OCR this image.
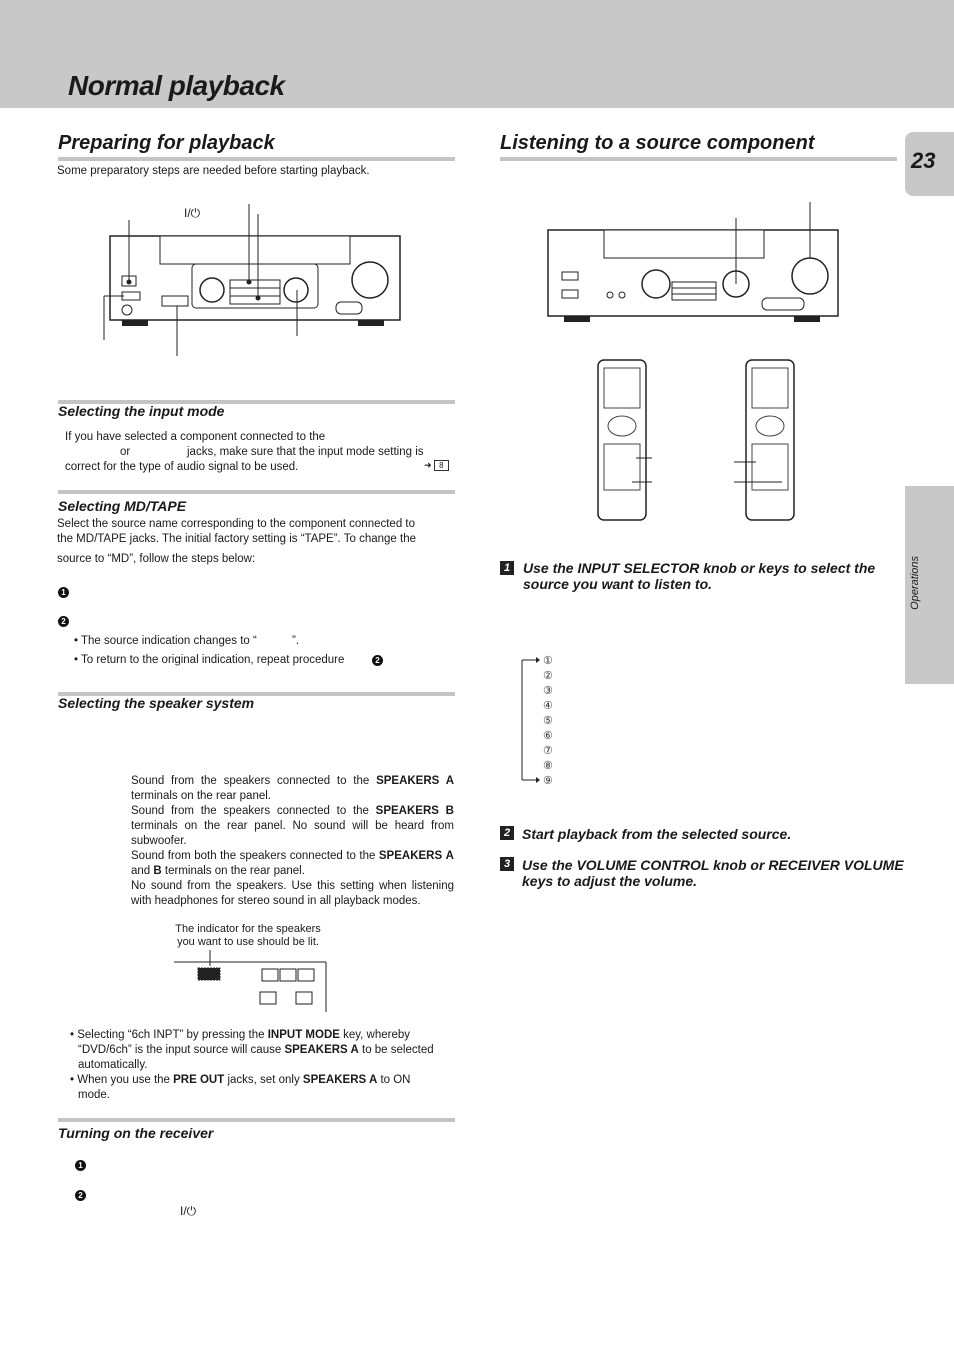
Normal playback
23
Operations
Preparing for playback
Some preparatory steps are needed before starting playback.
I/⏻
Selecting the input mode
If you have selected a component connected to the
or	jacks, make sure that the input mode setting is
correct for the type of audio signal to be used.	➜ 8
Selecting MD/TAPE
Select the source name corresponding to the component connected to
the MD/TAPE jacks. The initial factory setting is “TAPE”. To change the
source to “MD”, follow the steps below:
1
2
• The source indication changes to “	”.
• To return to the original indication, repeat procedure	2
Selecting the speaker system
Sound from the speakers connected to the SPEAKERS A terminals on the rear panel.
Sound from the speakers connected to the SPEAKERS B terminals on the rear panel. No sound will be heard from subwoofer.
Sound from both the speakers connected to the SPEAKERS A and B terminals on the rear panel.
No sound from the speakers. Use this setting when listening with headphones for stereo sound in all playback modes.
The indicator for the speakers
you want to use should be lit.
• Selecting “6ch INPT” by pressing the INPUT MODE key, whereby
“DVD/6ch” is the input source will cause SPEAKERS A to be selected
automatically.
• When you use the PRE OUT jacks, set only SPEAKERS A to ON
mode.
Turning on the receiver
1
2
I/⏻
Listening to a source component
1 Use the INPUT SELECTOR knob or keys to select the
source you want to listen to.
①
②
③
④
⑤
⑥
⑦
⑧
⑨
2 Start playback from the selected source.
3 Use the VOLUME CONTROL knob or RECEIVER VOLUME
keys to adjust the volume.
